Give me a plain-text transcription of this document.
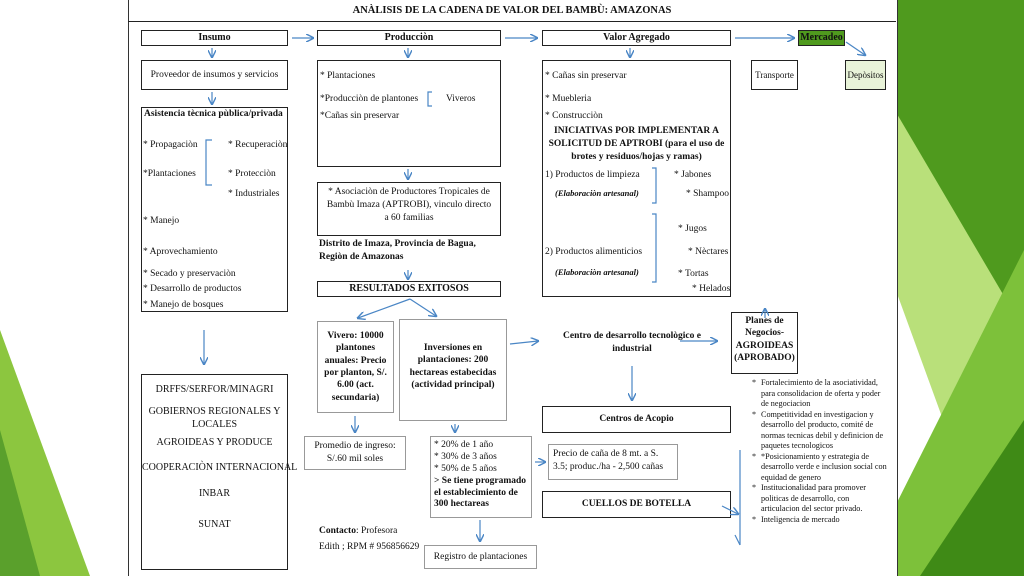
ANÀLISIS DE LA CADENA DE VALOR DEL BAMBÙ: AMAZONAS
Insumo	Producciòn	Valor Agregado	Mercadeo
Proveedor de insumos y servicios
Asistencia tècnica pùblica/privada
* Propagaciòn
*Plantaciones
* Manejo
* Aprovechamiento
* Secado y preservaciòn
* Desarrollo de productos
* Manejo de bosques
* Recuperaciòn
* Protecciòn
* Industriales
DRFFS/SERFOR/MINAGRI
GOBIERNOS REGIONALES Y LOCALES
AGROIDEAS Y PRODUCE
COOPERACIÒN INTERNACIONAL
INBAR
SUNAT
* Plantaciones
*Producciòn de plantones
*Cañas sin preservar
Viveros
* Asociaciòn de Productores Tropicales de Bambù Imaza (APTROBI), vinculo directo a 60 familias
Distrito de Imaza, Provincia de Bagua, Regiòn de Amazonas
RESULTADOS EXITOSOS
Vivero: 10000 plantones anuales: Precio por planton, S/. 6.00 (act. secundaria)
Inversiones en plantaciones: 200 hectareas estabecidas (actividad principal)
Promedio de ingreso: S/.60 mil soles
* 20% de 1 año
* 30% de 3 años
* 50% de 5 años
> Se tiene programado el establecimiento de 300 hectareas
Registro de plantaciones
Contacto: Profesora
Edith ; RPM # 956856629
* Cañas sin preservar
* Muebleria
* Construcciòn
INICIATIVAS POR IMPLEMENTAR A SOLICITUD DE APTROBI (para el uso de brotes y residuos/hojas y ramas)
1) Productos de limpieza
(Elaboraciòn artesanal)
2) Productos alimenticios
(Elaboraciòn artesanal)
* Jabones
* Shampoo
* Jugos
* Nèctares
* Tortas
* Helados
Centro de desarrollo tecnològico e industrial
Centros de Acopio
Precio de caña de 8 mt. a S. 3.5; produc./ha - 2,500 cañas
CUELLOS DE BOTELLA
Transporte	Depòsitos
Planes de Negocios- AGROIDEAS (APROBADO)
* Fortalecimiento de la asociatividad, para consolidacion de oferta y poder de negociacion
* Competitividad en investigacion y desarrollo del producto, comité de normas tecnicas debil y definicion de paquetes tecnologicos
* *Posicionamiento y estrategia de desarrollo verde e inclusion social con equidad de genero
* Institucionalidad para promover politicas de desarrollo, con articulacion del sector privado.
* Inteligencia de mercado
